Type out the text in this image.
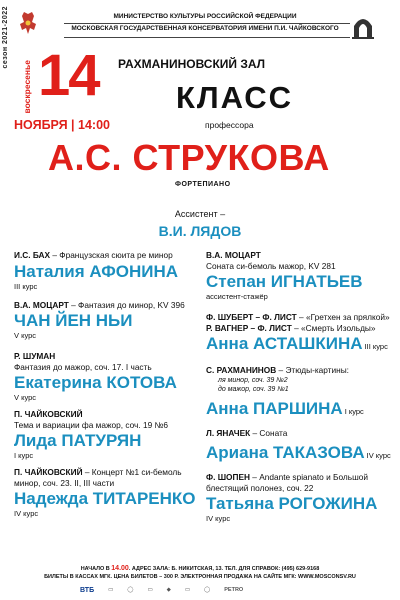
сезон 2021-2022	МИНИСТЕРСТВО КУЛЬТУРЫ РОССИЙСКОЙ ФЕДЕРАЦИИ
МОСКОВСКАЯ ГОСУДАРСТВЕННАЯ КОНСЕРВАТОРИЯ ИМЕНИ П.И. ЧАЙКОВСКОГО
14
воскресенье
НОЯБРЯ | 14:00
РАХМАНИНОВСКИЙ ЗАЛ
КЛАСС
профессора
А.С. СТРУКОВА
ФОРТЕПИАНО
Ассистент –
В.И. ЛЯДОВ
И.С. БАХ – Французская сюита ре минор
Наталия АФОНИНА
III курс
В.А. МОЦАРТ – Фантазия до минор, KV 396
ЧАН ЙЕН НЬИ
V курс
Р. ШУМАН
Фантазия до мажор, соч. 17. I часть
Екатерина КОТОВА
V курс
П. ЧАЙКОВСКИЙ
Тема и вариации фа мажор, соч. 19 №6
Лида ПАТУРЯН
I курс
П. ЧАЙКОВСКИЙ – Концерт №1 си-бемоль минор, соч. 23. II, III части
Надежда ТИТАРЕНКО
IV курс
В.А. МОЦАРТ
Соната си-бемоль мажор, KV 281
Степан ИГНАТЬЕВ
ассистент-стажёр
Ф. ШУБЕРТ – Ф. ЛИСТ – «Гретхен за прялкой»
Р. ВАГНЕР – Ф. ЛИСТ – «Смерть Изольды»
Анна АСТАШКИНА III курс
С. РАХМАНИНОВ – Этюды-картины:
ля минор, соч. 39 №2
до мажор, соч. 39 №1
Анна ПАРШИНА I курс
Л. ЯНАЧЕК – Соната
Ариана ТАКАЗОВА IV курс
Ф. ШОПЕН – Andante spianato и Большой блестящий полонез, соч. 22
Татьяна РОГОЖИНА
IV курс
НАЧАЛО В 14.00. АДРЕС ЗАЛА: Б. НИКИТСКАЯ, 13. ТЕЛ. ДЛЯ СПРАВОК: (495) 629-9168
БИЛЕТЫ В КАССАХ МГК. ЦЕНА БИЛЕТОВ – 300 Р. ЭЛЕКТРОННАЯ ПРОДАЖА НА САЙТЕ МГК: WWW.MOSCONSV.RU
ВТБ	▭	◯	▭	◆	▭	◯	PETRO
